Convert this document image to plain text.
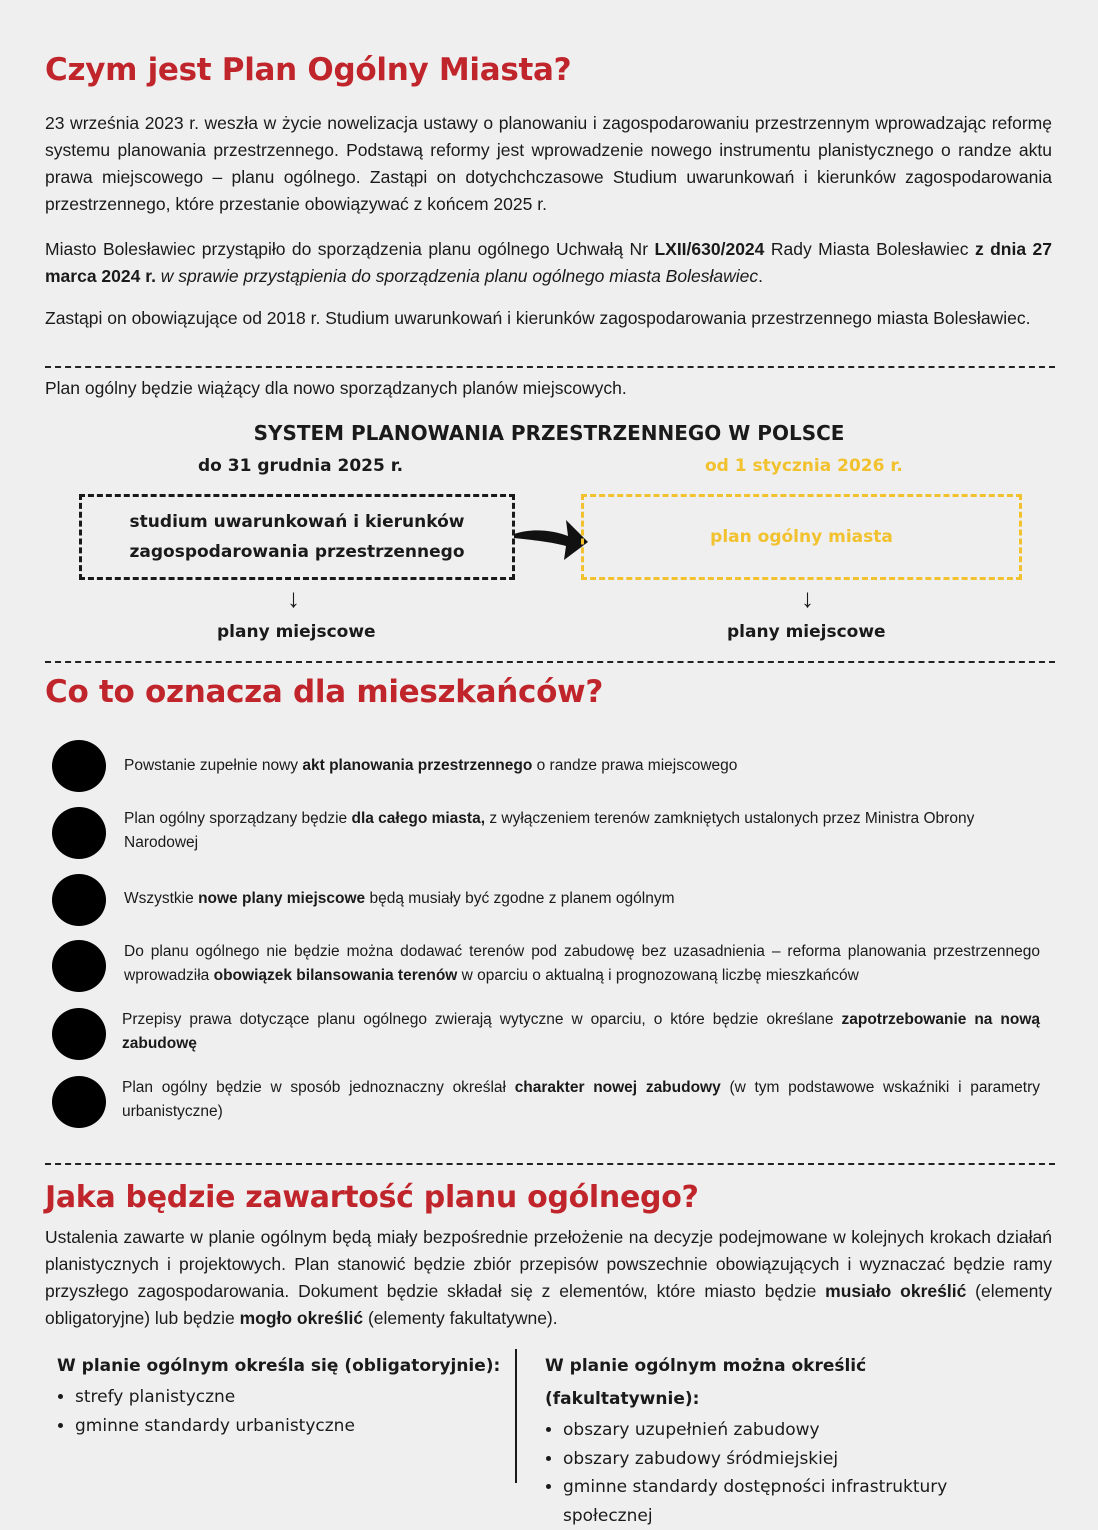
Czym jest Plan Ogólny Miasta?

23 września 2023 r. weszła w życie nowelizacja ustawy o planowaniu i zagospodarowaniu przestrzennym wprowadzając reformę systemu planowania przestrzennego. Podstawą reformy jest wprowadzenie nowego instrumentu planistycznego o randze aktu prawa miejscowego – planu ogólnego. Zastąpi on dotychchczasowe Studium uwarunkowań i kierunków zagospodarowania przestrzennego, które przestanie obowiązywać z końcem 2025 r.

Miasto Bolesławiec przystąpiło do sporządzenia planu ogólnego Uchwałą Nr LXII/630/2024 Rady Miasta Bolesławiec z dnia 27 marca 2024 r. w sprawie przystąpienia do sporządzenia planu ogólnego miasta Bolesławiec.

Zastąpi on obowiązujące od 2018 r. Studium uwarunkowań i kierunków zagospodarowania przestrzennego miasta Bolesławiec.

Plan ogólny będzie wiążący dla nowo sporządzanych planów miejscowych.

SYSTEM PLANOWANIA PRZESTRZENNEGO W POLSCE
do 31 grudnia 2025 r.	od 1 stycznia 2026 r.
studium uwarunkowań i kierunków
zagospodarowania przestrzennego
plan ogólny miasta
↓	↓
plany miejscowe	plany miejscowe
Co to oznacza dla mieszkańców?
Powstanie zupełnie nowy akt planowania przestrzennego o randze prawa miejscowego
Plan ogólny sporządzany będzie dla całego miasta, z wyłączeniem terenów zamkniętych ustalonych przez Ministra Obrony Narodowej
Wszystkie nowe plany miejscowe będą musiały być zgodne z planem ogólnym
Do planu ogólnego nie będzie można dodawać terenów pod zabudowę bez uzasadnienia – reforma planowania przestrzennego wprowadziła obowiązek bilansowania terenów w oparciu o aktualną i prognozowaną liczbę mieszkańców
Przepisy prawa dotyczące planu ogólnego zwierają wytyczne w oparciu, o które będzie określane zapotrzebowanie na nową zabudowę
Plan ogólny będzie w sposób jednoznaczny określał charakter nowej zabudowy (w tym podstawowe wskaźniki i parametry urbanistyczne)
Jaka będzie zawartość planu ogólnego?

Ustalenia zawarte w planie ogólnym będą miały bezpośrednie przełożenie na decyzje podejmowane w kolejnych krokach działań planistycznych i projektowych. Plan stanowić będzie zbiór przepisów powszechnie obowiązujących i wyznaczać będzie ramy przyszłego zagospodarowania. Dokument będzie składał się z elementów, które miasto będzie musiało określić (elementy obligatoryjne) lub będzie mogło określić (elementy fakultatywne).

W planie ogólnym określa się (obligatoryjnie):
• strefy planistyczne
• gminne standardy urbanistyczne
W planie ogólnym można określić (fakultatywnie):
• obszary uzupełnień zabudowy
• obszary zabudowy śródmiejskiej
• gminne standardy dostępności infrastruktury społecznej
